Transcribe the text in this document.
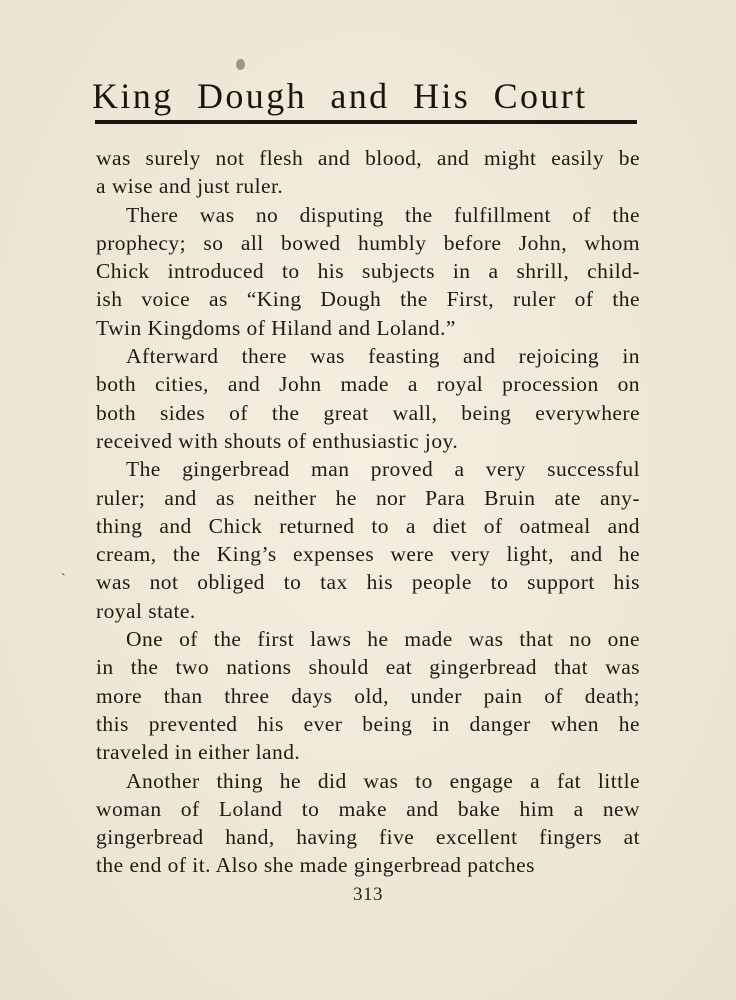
King Dough and His Court
`
was surely not flesh and blood, and might easily be
a wise and just ruler.
There was no disputing the fulfillment of the
prophecy; so all bowed humbly before John, whom
Chick introduced to his subjects in a shrill, child-
ish voice as “King Dough the First, ruler of the
Twin Kingdoms of Hiland and Loland.”
Afterward there was feasting and rejoicing in
both cities, and John made a royal procession on
both sides of the great wall, being everywhere
received with shouts of enthusiastic joy.
The gingerbread man proved a very successful
ruler; and as neither he nor Para Bruin ate any-
thing and Chick returned to a diet of oatmeal and
cream, the King’s expenses were very light, and he
was not obliged to tax his people to support his
royal state.
One of the first laws he made was that no one
in the two nations should eat gingerbread that was
more than three days old, under pain of death;
this prevented his ever being in danger when he
traveled in either land.
Another thing he did was to engage a fat little
woman of Loland to make and bake him a new
gingerbread hand, having five excellent fingers at
the end of it. Also she made gingerbread patches
313
